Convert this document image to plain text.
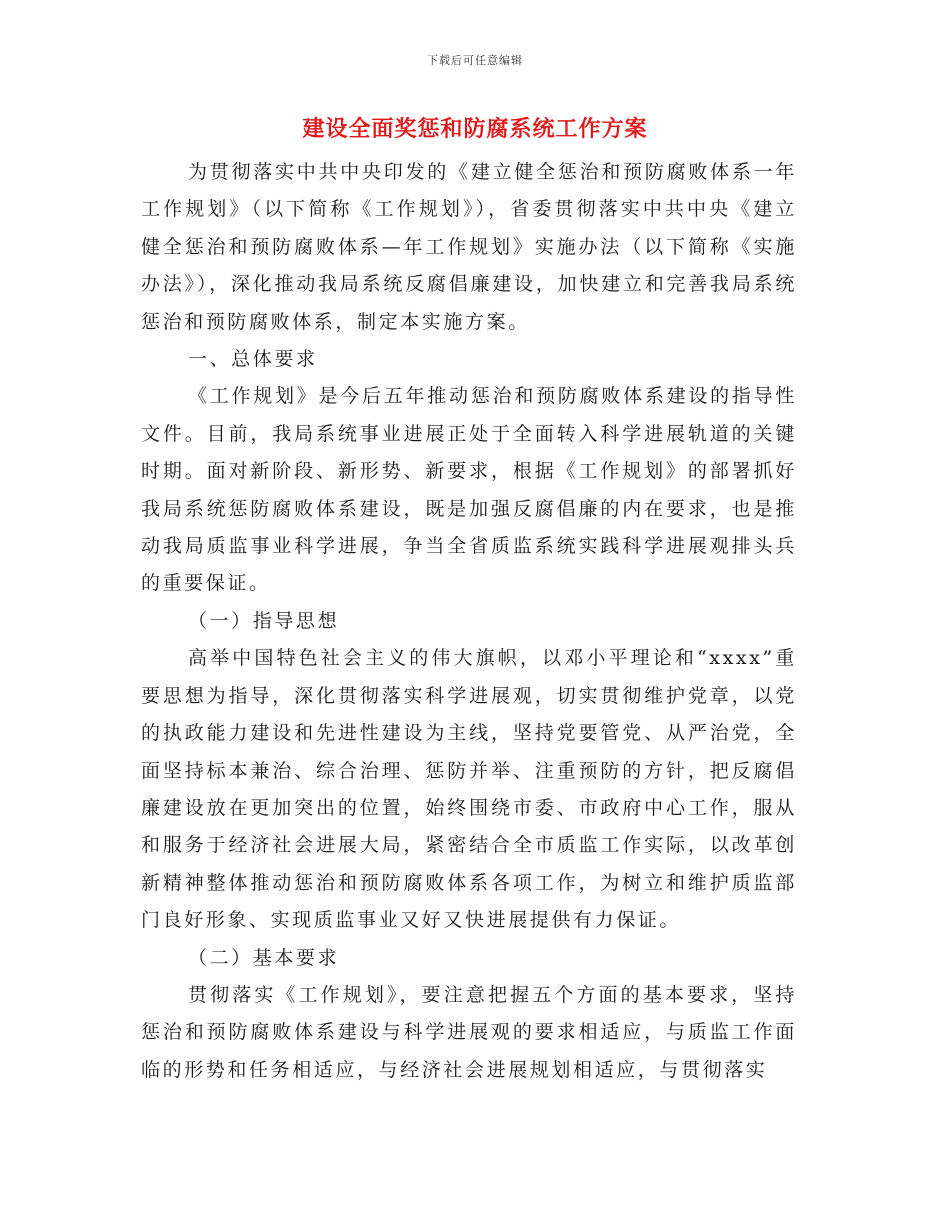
下载后可任意编辑
建设全面奖惩和防腐系统工作方案

为贯彻落实中共中央印发的《建立健全惩治和预防腐败体系一年工作规划》（以下简称《工作规划》），省委贯彻落实中共中央《建立健全惩治和预防腐败体系—年工作规划》实施办法（以下简称《实施办法》），深化推动我局系统反腐倡廉建设，加快建立和完善我局系统惩治和预防腐败体系，制定本实施方案。

一、总体要求

《工作规划》是今后五年推动惩治和预防腐败体系建设的指导性文件。目前，我局系统事业进展正处于全面转入科学进展轨道的关键时期。面对新阶段、新形势、新要求，根据《工作规划》的部署抓好我局系统惩防腐败体系建设，既是加强反腐倡廉的内在要求，也是推动我局质监事业科学进展，争当全省质监系统实践科学进展观排头兵的重要保证。

（一）指导思想

高举中国特色社会主义的伟大旗帜，以邓小平理论和“xxxx”重要思想为指导，深化贯彻落实科学进展观，切实贯彻维护党章，以党的执政能力建设和先进性建设为主线，坚持党要管党、从严治党，全面坚持标本兼治、综合治理、惩防并举、注重预防的方针，把反腐倡廉建设放在更加突出的位置，始终围绕市委、市政府中心工作，服从和服务于经济社会进展大局，紧密结合全市质监工作实际，以改革创新精神整体推动惩治和预防腐败体系各项工作，为树立和维护质监部门良好形象、实现质监事业又好又快进展提供有力保证。

（二）基本要求

贯彻落实《工作规划》，要注意把握五个方面的基本要求，坚持惩治和预防腐败体系建设与科学进展观的要求相适应，与质监工作面临的形势和任务相适应，与经济社会进展规划相适应，与贯彻落实
